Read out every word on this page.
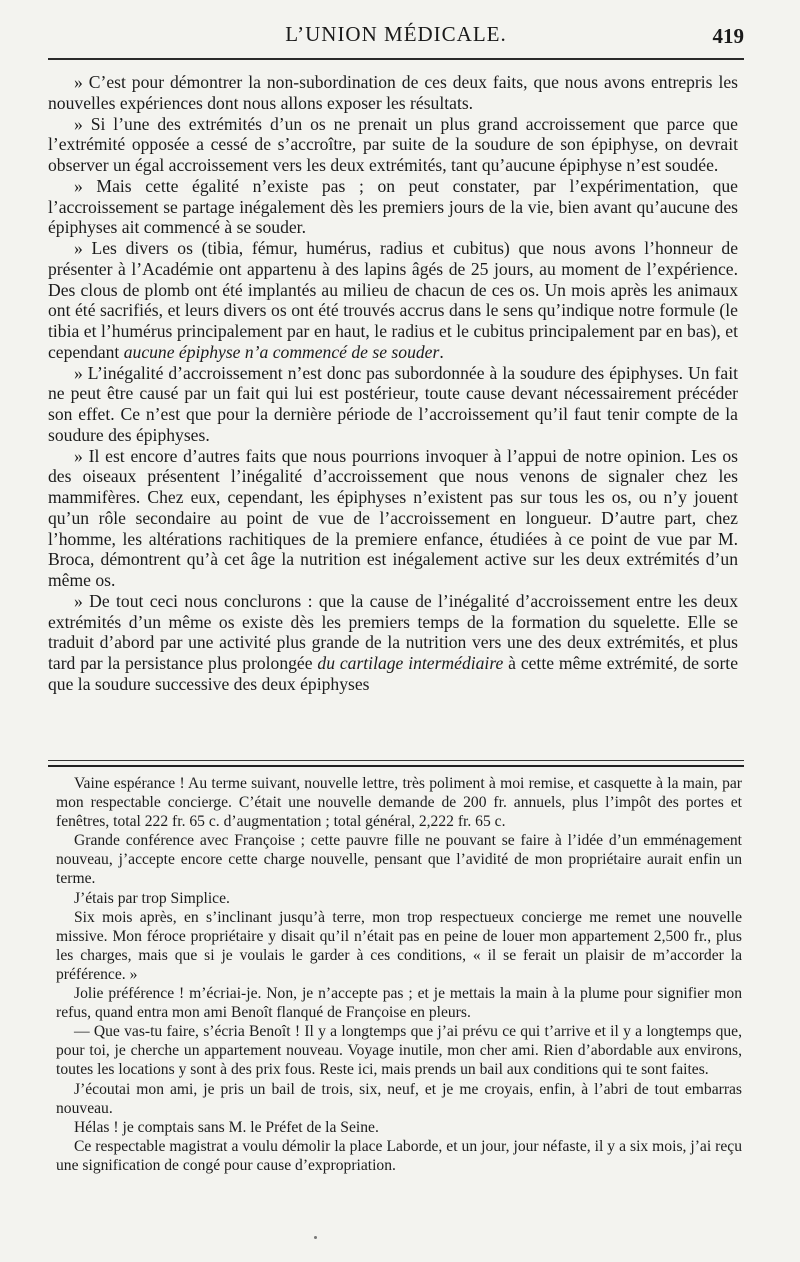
L’UNION MÉDICALE.	419

» C’est pour démontrer la non-subordination de ces deux faits, que nous avons entrepris les nouvelles expériences dont nous allons exposer les résultats.

» Si l’une des extrémités d’un os ne prenait un plus grand accroissement que parce que l’extrémité opposée a cessé de s’accroître, par suite de la soudure de son épiphyse, on devrait observer un égal accroissement vers les deux extrémités, tant qu’aucune épiphyse n’est soudée.

» Mais cette égalité n’existe pas ; on peut constater, par l’expérimentation, que l’accroissement se partage inégalement dès les premiers jours de la vie, bien avant qu’aucune des épiphyses ait commencé à se souder.

» Les divers os (tibia, fémur, humérus, radius et cubitus) que nous avons l’honneur de présenter à l’Académie ont appartenu à des lapins âgés de 25 jours, au moment de l’expérience. Des clous de plomb ont été implantés au milieu de chacun de ces os. Un mois après les animaux ont été sacrifiés, et leurs divers os ont été trouvés accrus dans le sens qu’indique notre formule (le tibia et l’humérus principalement par en haut, le radius et le cubitus principalement par en bas), et cependant aucune épiphyse n’a commencé de se souder.

» L’inégalité d’accroissement n’est donc pas subordonnée à la soudure des épiphyses. Un fait ne peut être causé par un fait qui lui est postérieur, toute cause devant nécessairement précéder son effet. Ce n’est que pour la dernière période de l’accroissement qu’il faut tenir compte de la soudure des épiphyses.

» Il est encore d’autres faits que nous pourrions invoquer à l’appui de notre opinion. Les os des oiseaux présentent l’inégalité d’accroissement que nous venons de signaler chez les mammifères. Chez eux, cependant, les épiphyses n’existent pas sur tous les os, ou n’y jouent qu’un rôle secondaire au point de vue de l’accroissement en longueur. D’autre part, chez l’homme, les altérations rachitiques de la premiere enfance, étudiées à ce point de vue par M. Broca, démontrent qu’à cet âge la nutrition est inégalement active sur les deux extrémités d’un même os.

» De tout ceci nous conclurons : que la cause de l’inégalité d’accroissement entre les deux extrémités d’un même os existe dès les premiers temps de la formation du squelette. Elle se traduit d’abord par une activité plus grande de la nutrition vers une des deux extrémités, et plus tard par la persistance plus prolongée du cartilage intermédiaire à cette même extrémité, de sorte que la soudure successive des deux épiphyses

Vaine espérance ! Au terme suivant, nouvelle lettre, très poliment à moi remise, et casquette à la main, par mon respectable concierge. C’était une nouvelle demande de 200 fr. annuels, plus l’impôt des portes et fenêtres, total 222 fr. 65 c. d’augmentation ; total général, 2,222 fr. 65 c.

Grande conférence avec Françoise ; cette pauvre fille ne pouvant se faire à l’idée d’un emménagement nouveau, j’accepte encore cette charge nouvelle, pensant que l’avidité de mon propriétaire aurait enfin un terme.

J’étais par trop Simplice.

Six mois après, en s’inclinant jusqu’à terre, mon trop respectueux concierge me remet une nouvelle missive. Mon féroce propriétaire y disait qu’il n’était pas en peine de louer mon appartement 2,500 fr., plus les charges, mais que si je voulais le garder à ces conditions, « il se ferait un plaisir de m’accorder la préférence. »

Jolie préférence ! m’écriai-je. Non, je n’accepte pas ; et je mettais la main à la plume pour signifier mon refus, quand entra mon ami Benoît flanqué de Françoise en pleurs.

— Que vas-tu faire, s’écria Benoît ! Il y a longtemps que j’ai prévu ce qui t’arrive et il y a longtemps que, pour toi, je cherche un appartement nouveau. Voyage inutile, mon cher ami. Rien d’abordable aux environs, toutes les locations y sont à des prix fous. Reste ici, mais prends un bail aux conditions qui te sont faites.

J’écoutai mon ami, je pris un bail de trois, six, neuf, et je me croyais, enfin, à l’abri de tout embarras nouveau.

Hélas ! je comptais sans M. le Préfet de la Seine.

Ce respectable magistrat a voulu démolir la place Laborde, et un jour, jour néfaste, il y a six mois, j’ai reçu une signification de congé pour cause d’expropriation.
